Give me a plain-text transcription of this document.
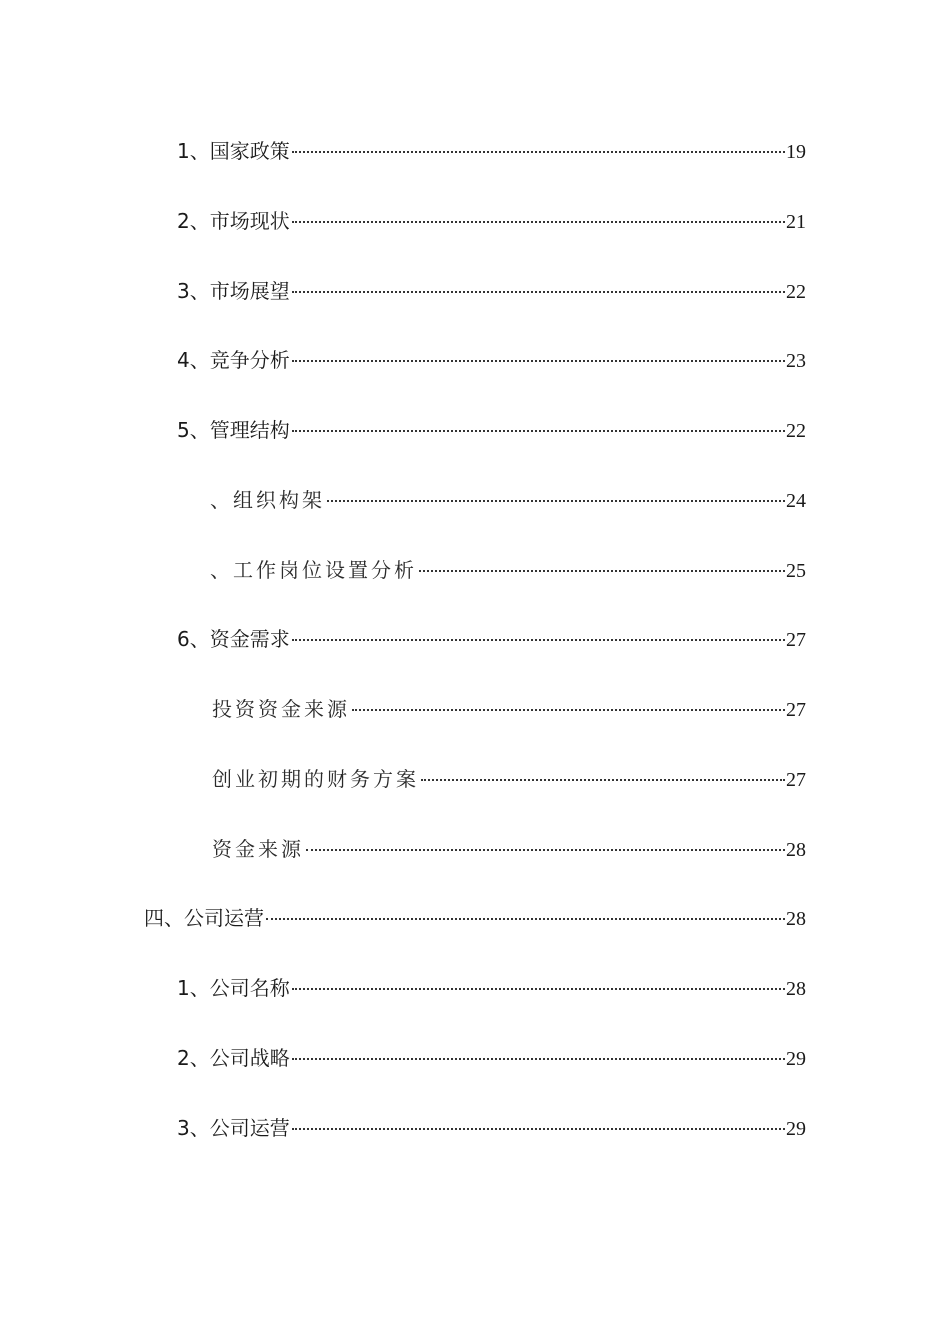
1、国家政策	19
2、市场现状	21
3、市场展望	22
4、竞争分析	23
5、管理结构	22
、组织构架	24
、工作岗位设置分析	25
6、资金需求	27
投资资金来源	27
创业初期的财务方案	27
资金来源	28
四、公司运营	28
1、公司名称	28
2、公司战略	29
3、公司运营	29
